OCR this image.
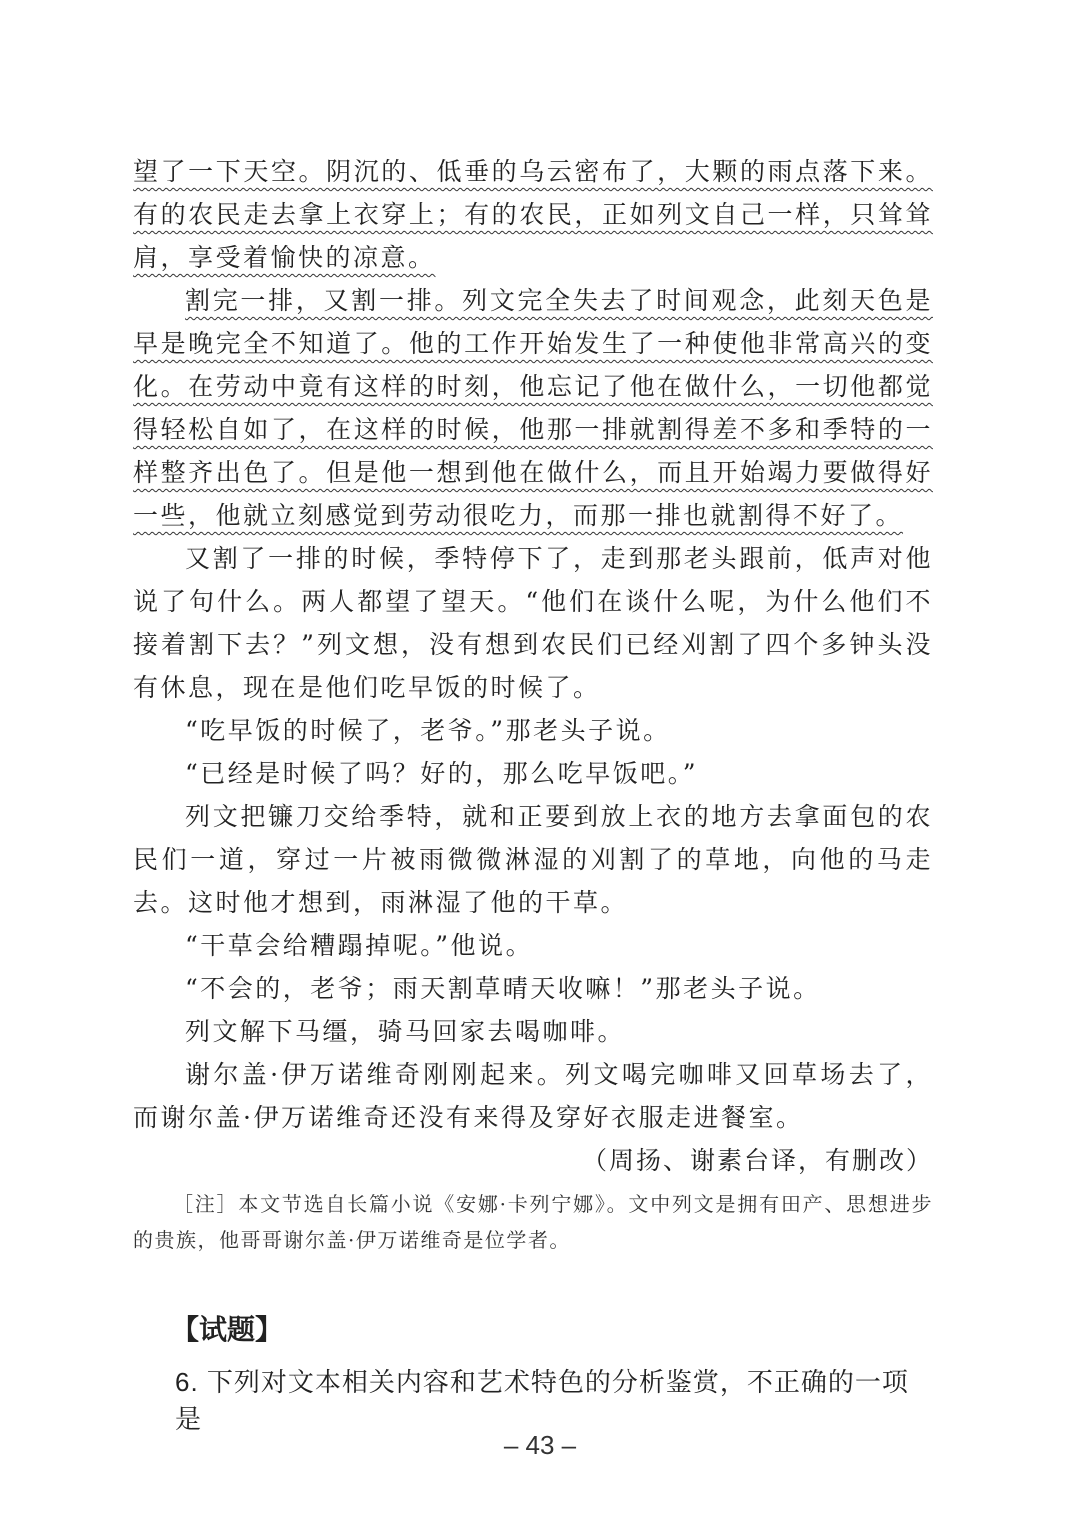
望了一下天空。阴沉的、低垂的乌云密布了，大颗的雨点落下来。有的农民走去拿上衣穿上；有的农民，正如列文自己一样，只耸耸肩，享受着愉快的凉意。

割完一排，又割一排。列文完全失去了时间观念，此刻天色是早是晚完全不知道了。他的工作开始发生了一种使他非常高兴的变化。在劳动中竟有这样的时刻，他忘记了他在做什么，一切他都觉得轻松自如了，在这样的时候，他那一排就割得差不多和季特的一样整齐出色了。但是他一想到他在做什么，而且开始竭力要做得好一些，他就立刻感觉到劳动很吃力，而那一排也就割得不好了。

又割了一排的时候，季特停下了，走到那老头跟前，低声对他说了句什么。两人都望了望天。“他们在谈什么呢，为什么他们不接着割下去？”列文想，没有想到农民们已经刈割了四个多钟头没有休息，现在是他们吃早饭的时候了。

“吃早饭的时候了，老爷。”那老头子说。

“已经是时候了吗？好的，那么吃早饭吧。”

列文把镰刀交给季特，就和正要到放上衣的地方去拿面包的农民们一道，穿过一片被雨微微淋湿的刈割了的草地，向他的马走去。这时他才想到，雨淋湿了他的干草。

“干草会给糟蹋掉呢。”他说。

“不会的，老爷；雨天割草晴天收嘛！”那老头子说。

列文解下马缰，骑马回家去喝咖啡。

谢尔盖·伊万诺维奇刚刚起来。列文喝完咖啡又回草场去了，而谢尔盖·伊万诺维奇还没有来得及穿好衣服走进餐室。

（周扬、谢素台译，有删改）

［注］本文节选自长篇小说《安娜·卡列宁娜》。文中列文是拥有田产、思想进步的贵族，他哥哥谢尔盖·伊万诺维奇是位学者。

【试题】
6. 下列对文本相关内容和艺术特色的分析鉴赏，不正确的一项是
– 43 –
